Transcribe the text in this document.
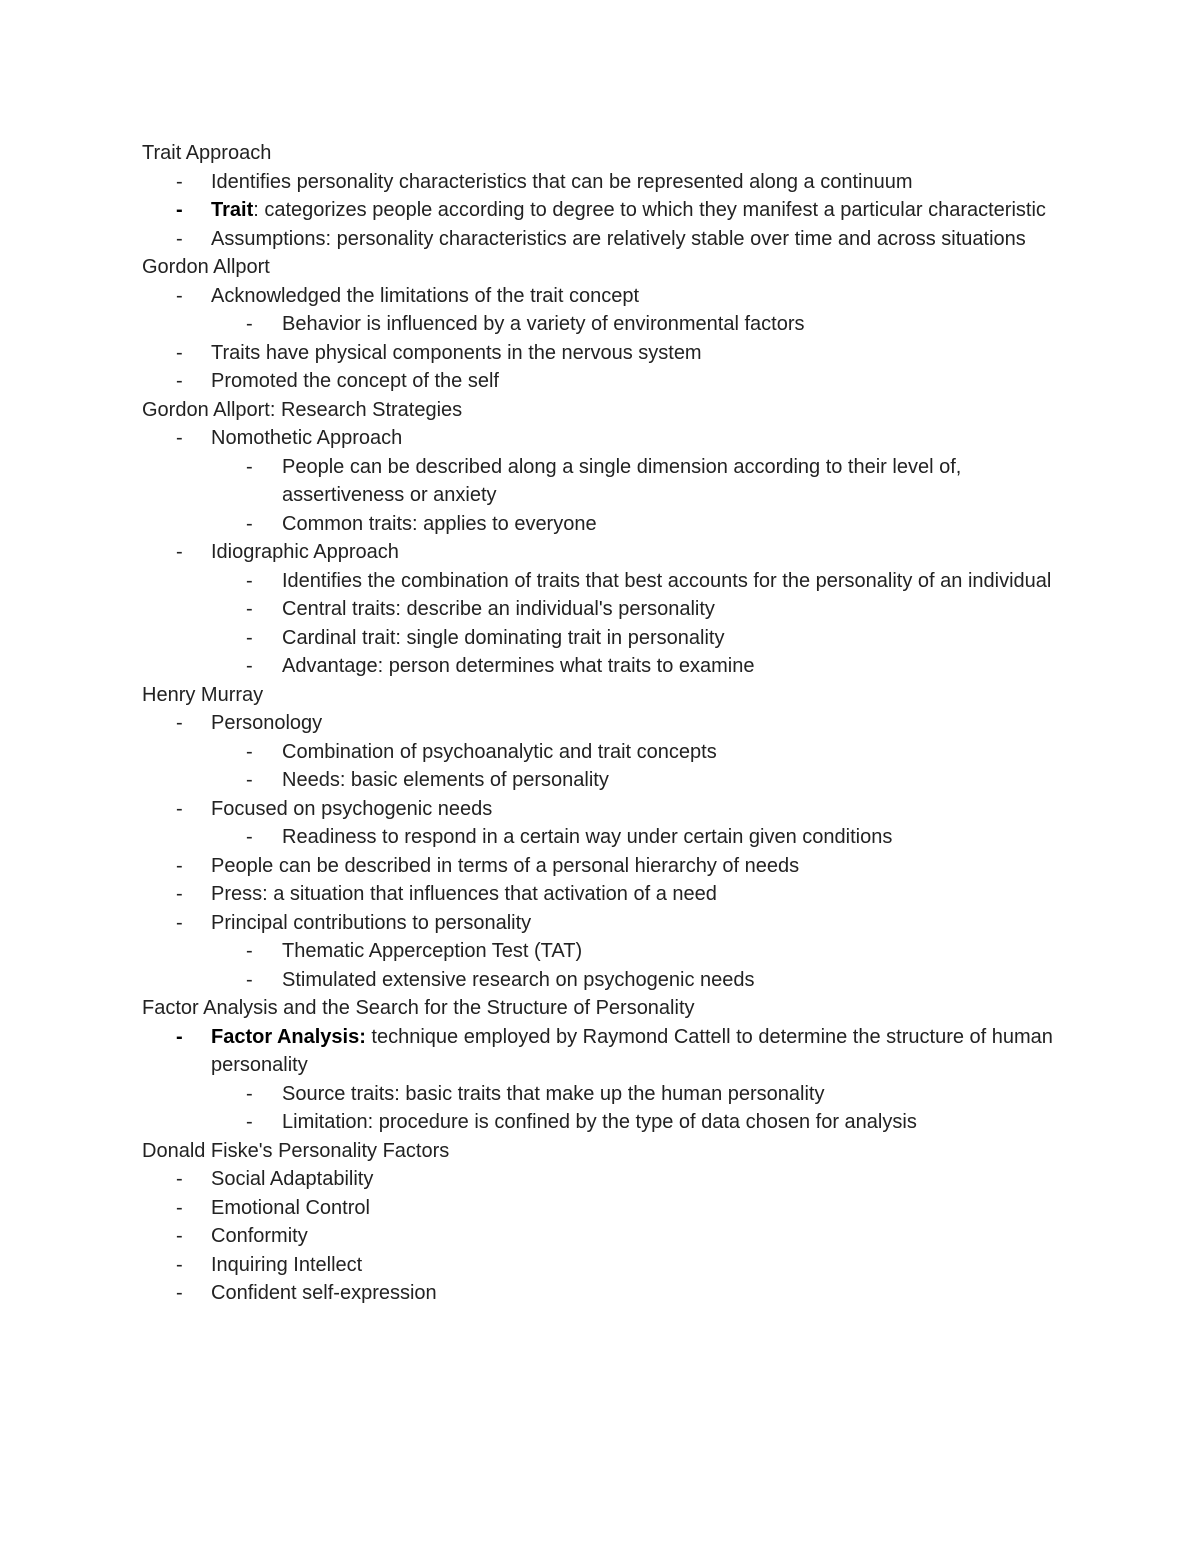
Trait Approach
- Identifies personality characteristics that can be represented along a continuum
- Trait: categorizes people according to degree to which they manifest a particular characteristic
- Assumptions: personality characteristics are relatively stable over time and across situations
Gordon Allport
- Acknowledged the limitations of the trait concept
- Behavior is influenced by a variety of environmental factors
- Traits have physical components in the nervous system
- Promoted the concept of the self
Gordon Allport: Research Strategies
- Nomothetic Approach
- People can be described along a single dimension according to their level of, assertiveness or anxiety
- Common traits: applies to everyone
- Idiographic Approach
- Identifies the combination of traits that best accounts for the personality of an individual
- Central traits: describe an individual's personality
- Cardinal trait: single dominating trait in personality
- Advantage: person determines what traits to examine
Henry Murray
- Personology
- Combination of psychoanalytic and trait concepts
- Needs: basic elements of personality
- Focused on psychogenic needs
- Readiness to respond in a certain way under certain given conditions
- People can be described in terms of a personal hierarchy of needs
- Press: a situation that influences that activation of a need
- Principal contributions to personality
- Thematic Apperception Test (TAT)
- Stimulated extensive research on psychogenic needs
Factor Analysis and the Search for the Structure of Personality
- Factor Analysis: technique employed by Raymond Cattell to determine the structure of human personality
- Source traits: basic traits that make up the human personality
- Limitation: procedure is confined by the type of data chosen for analysis
Donald Fiske's Personality Factors
- Social Adaptability
- Emotional Control
- Conformity
- Inquiring Intellect
- Confident self-expression
